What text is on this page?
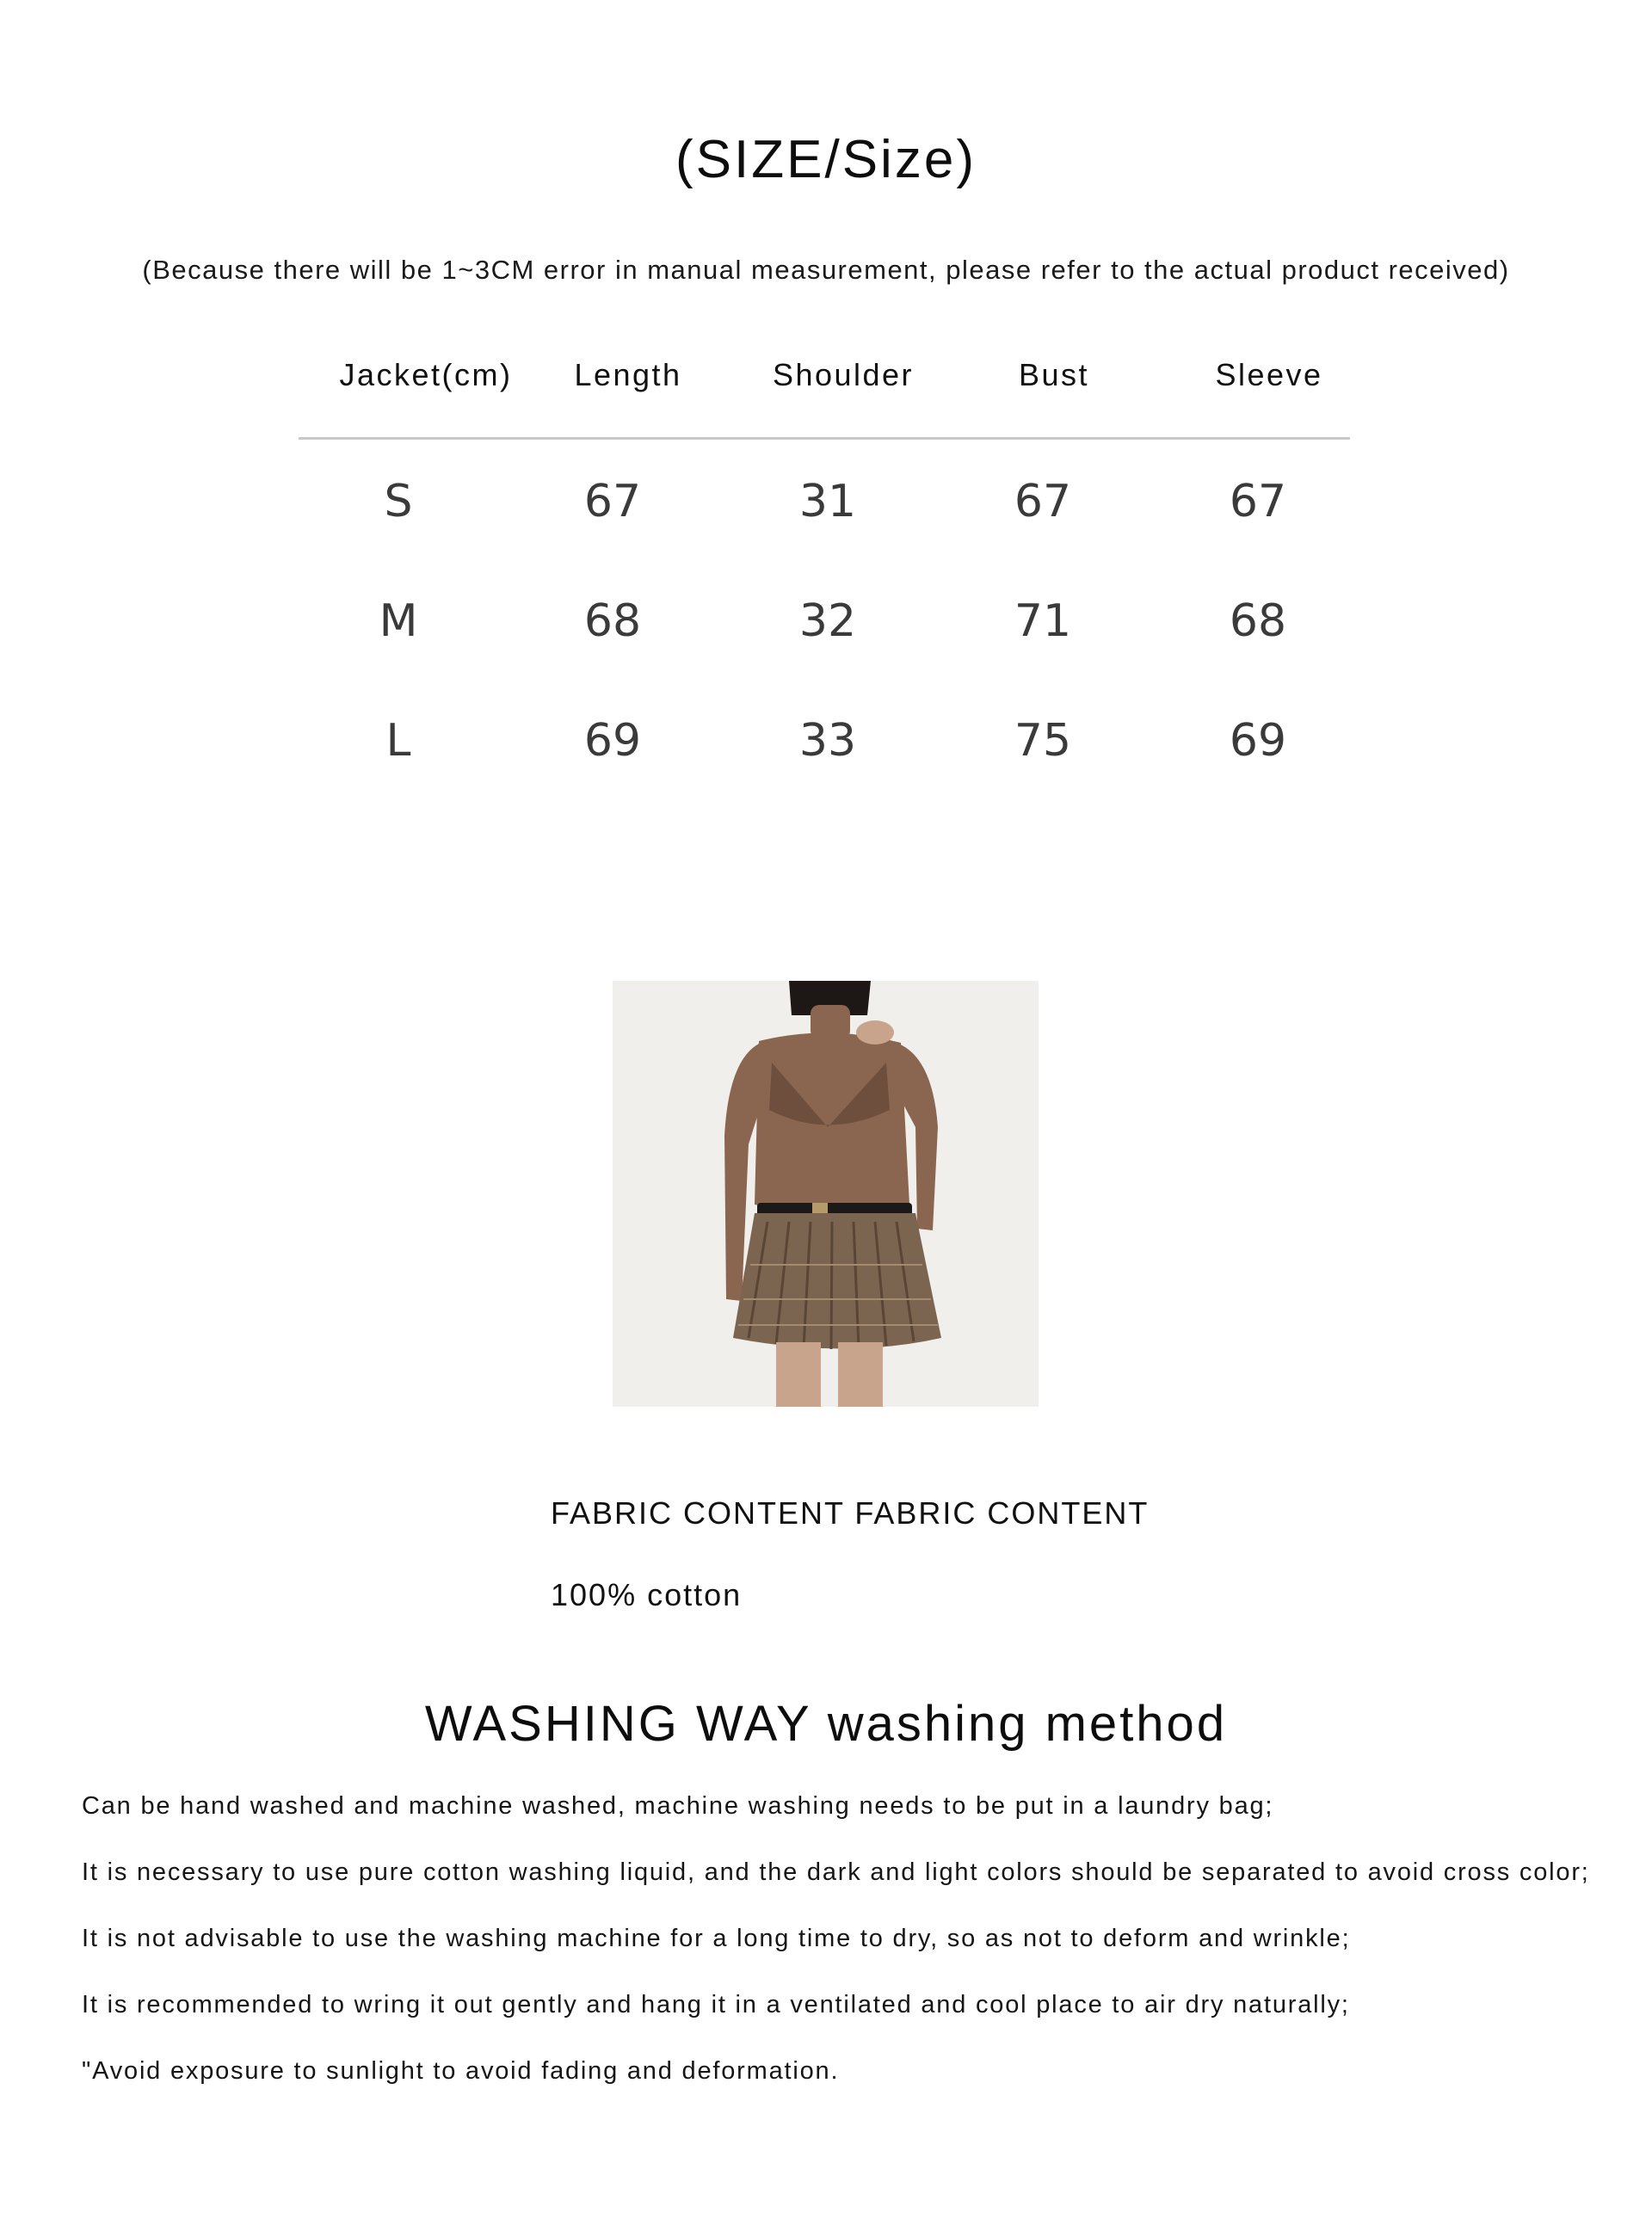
(SIZE/Size)
(Because there will be 1~3CM error in manual measurement, please refer to the actual product received)
Jacket(cm)	Length	Shoulder	Bust	Sleeve
S	67	31	67	67
M	68	32	71	68
L	69	33	75	69
FABRIC CONTENT FABRIC CONTENT
100% cotton
WASHING WAY washing method
Can be hand washed and machine washed, machine washing needs to be put in a laundry bag;
It is necessary to use pure cotton washing liquid, and the dark and light colors should be separated to avoid cross color;
It is not advisable to use the washing machine for a long time to dry, so as not to deform and wrinkle;
It is recommended to wring it out gently and hang it in a ventilated and cool place to air dry naturally;
"Avoid exposure to sunlight to avoid fading and deformation.
